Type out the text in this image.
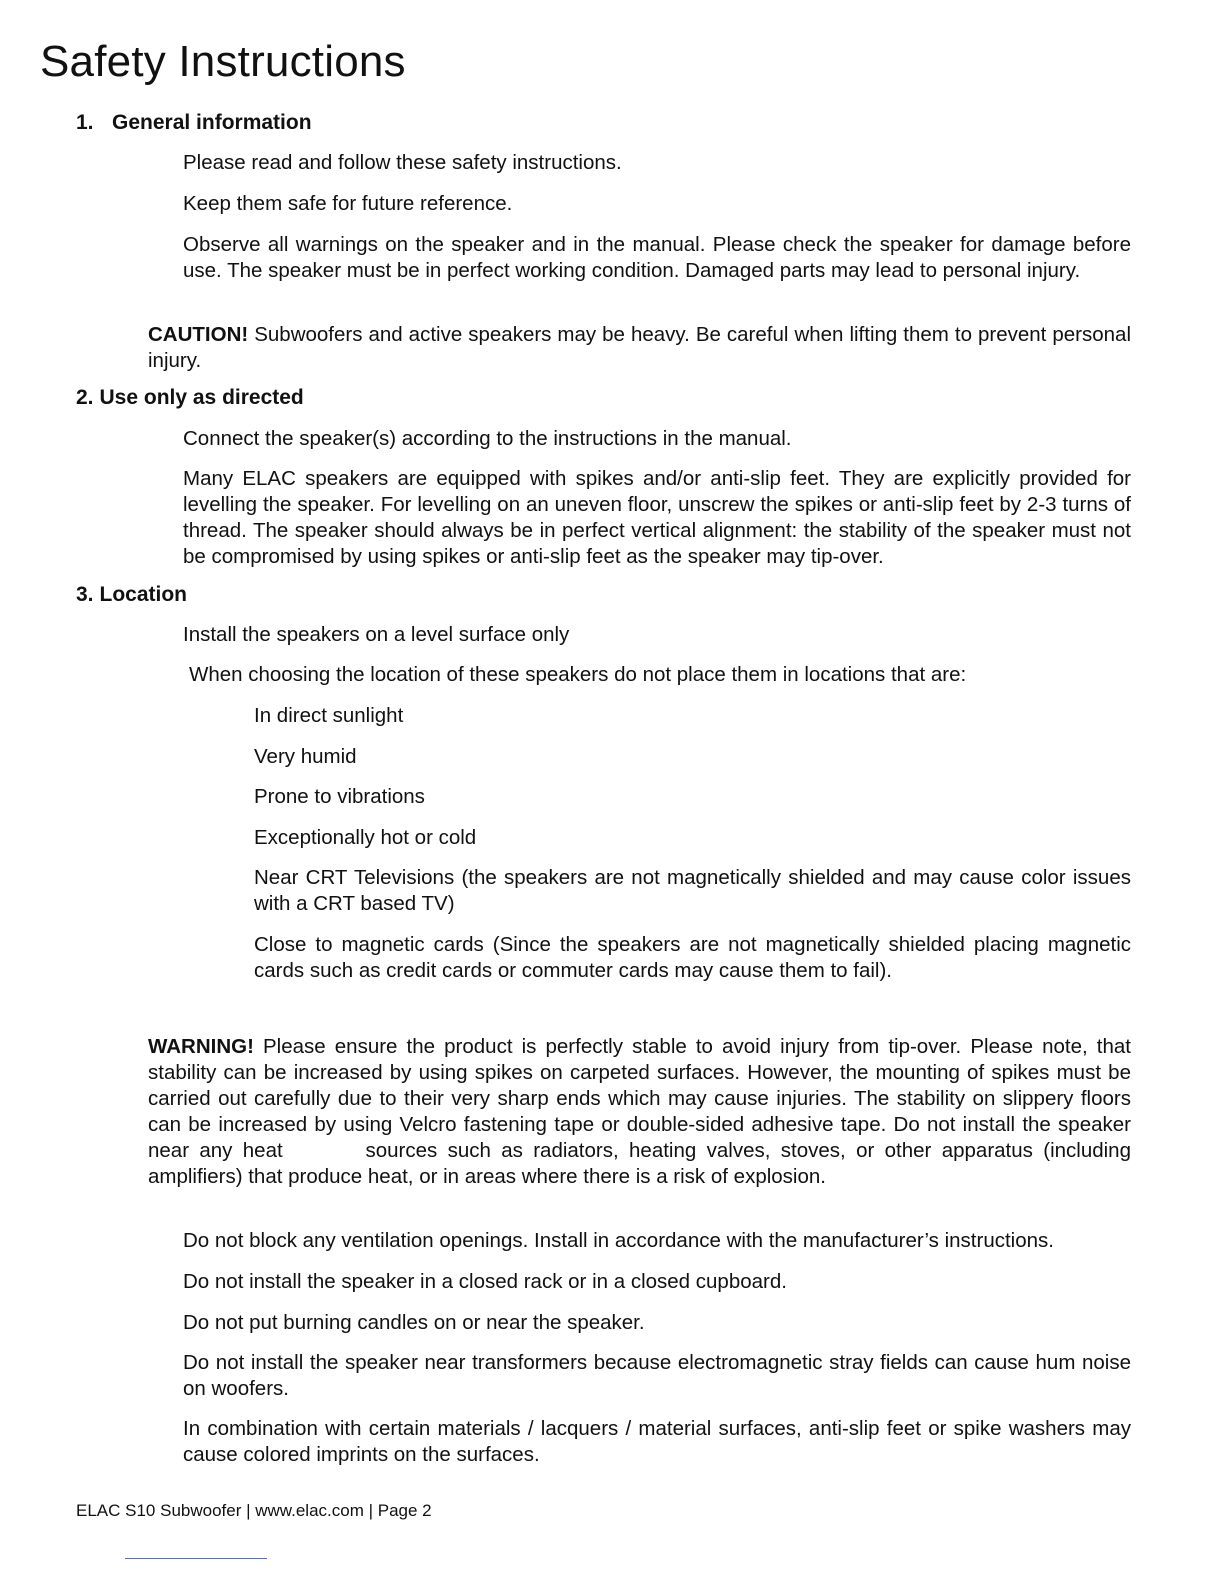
Safety Instructions
1. General information

Please read and follow these safety instructions.

Keep them safe for future reference.

Observe all warnings on the speaker and in the manual. Please check the speaker for damage before use. The speaker must be in perfect working condition. Damaged parts may lead to personal injury.

CAUTION! Subwoofers and active speakers may be heavy. Be careful when lifting them to prevent personal injury.

2. Use only as directed

Connect the speaker(s) according to the instructions in the manual.

Many ELAC speakers are equipped with spikes and/or anti-slip feet. They are explicitly provided for levelling the speaker. For levelling on an uneven floor, unscrew the spikes or anti-slip feet by 2-3 turns of thread. The speaker should always be in perfect vertical alignment: the stability of the speaker must not be compromised by using spikes or anti-slip feet as the speaker may tip-over.

3. Location

Install the speakers on a level surface only

When choosing the location of these speakers do not place them in locations that are:

In direct sunlight

Very humid

Prone to vibrations

Exceptionally hot or cold

Near CRT Televisions (the speakers are not magnetically shielded and may cause color issues with a CRT based TV)

Close to magnetic cards (Since the speakers are not magnetically shielded placing magnetic cards such as credit cards or commuter cards may cause them to fail).

WARNING! Please ensure the product is perfectly stable to avoid injury from tip-over. Please note, that stability can be increased by using spikes on carpeted surfaces. However, the mounting of spikes must be carried out carefully due to their very sharp ends which may cause injuries. The stability on slippery floors can be increased by using Velcro fastening tape or double-sided adhesive tape. Do not install the speaker near any heat        sources such as radiators, heating valves, stoves, or other apparatus (including amplifiers) that produce heat, or in areas where there is a risk of explosion.

Do not block any ventilation openings. Install in accordance with the manufacturer’s instructions.

Do not install the speaker in a closed rack or in a closed cupboard.

Do not put burning candles on or near the speaker.

Do not install the speaker near transformers because electromagnetic stray fields can cause hum noise on woofers.

In combination with certain materials / lacquers / material surfaces, anti-slip feet or spike washers may cause colored imprints on the surfaces.

ELAC S10 Subwoofer | www.elac.com | Page 2
